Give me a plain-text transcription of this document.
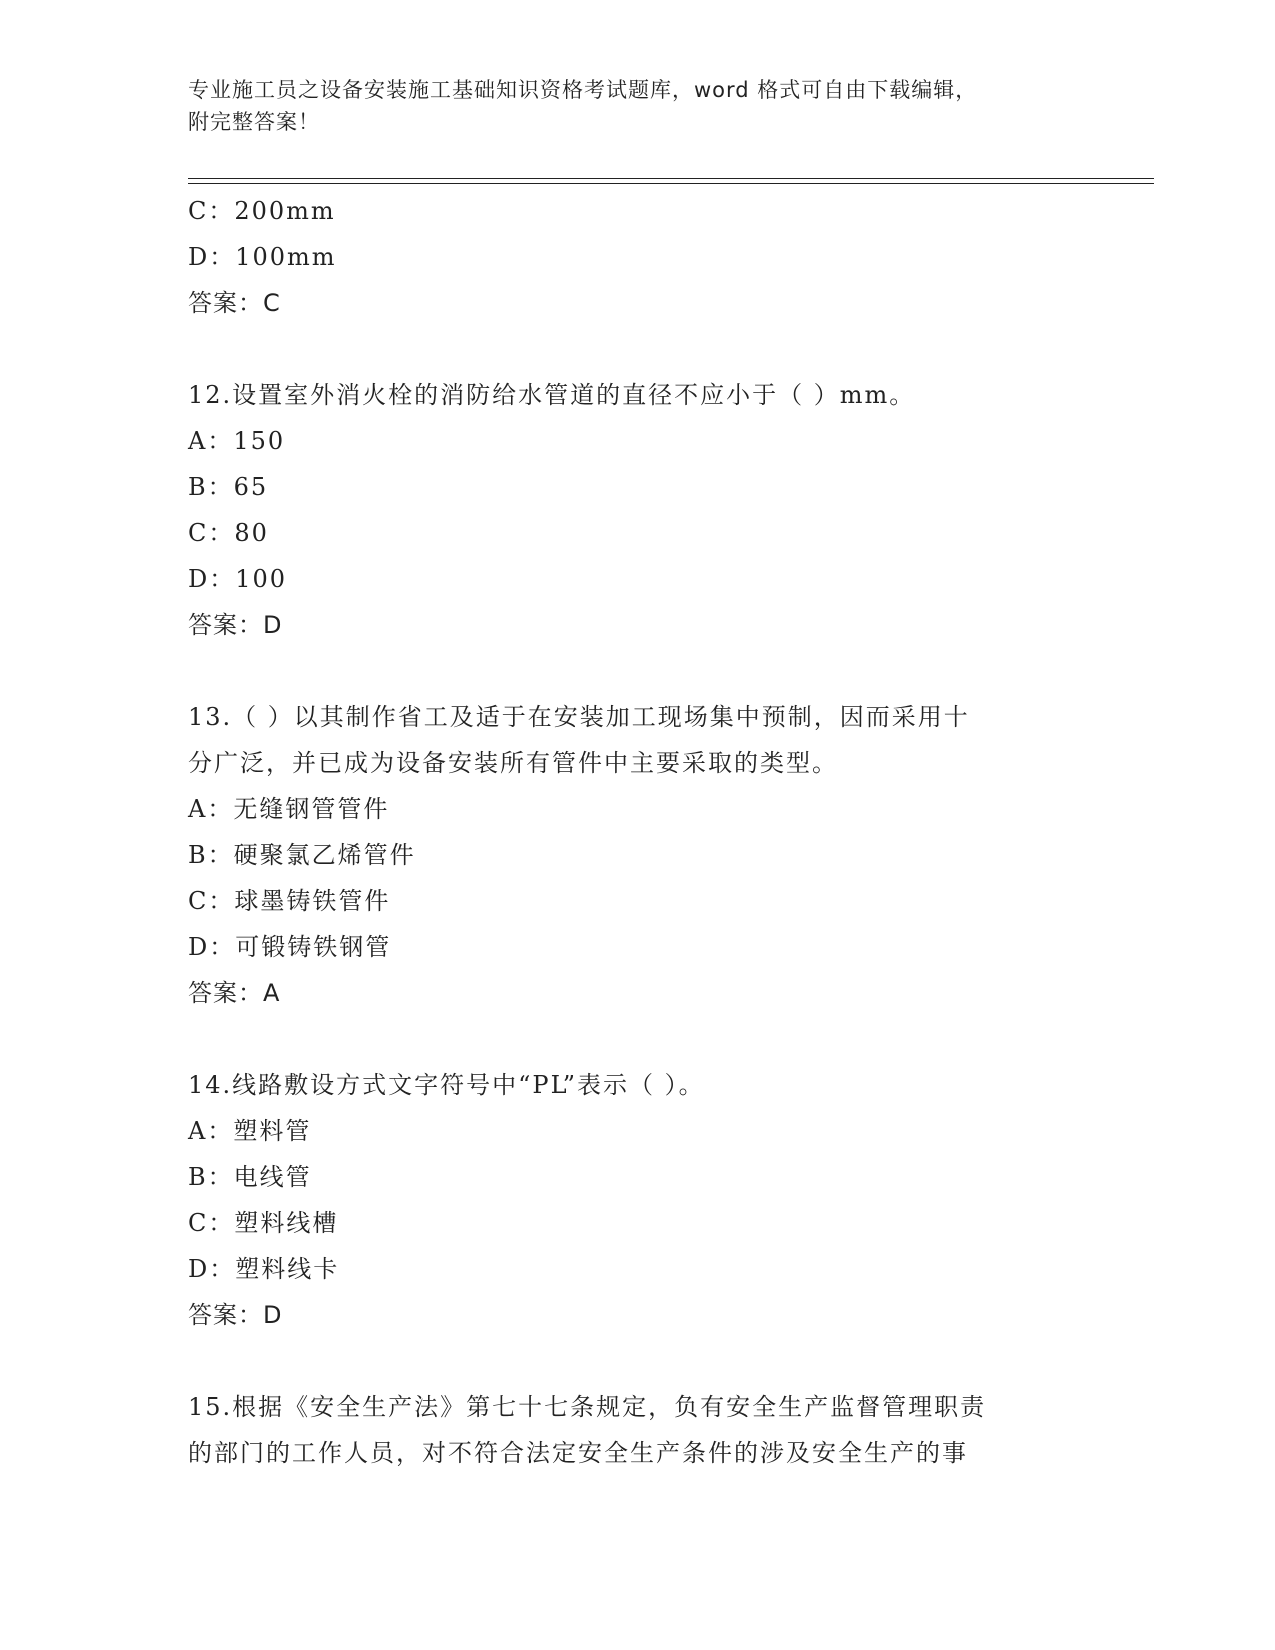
专业施工员之设备安装施工基础知识资格考试题库，word 格式可自由下载编辑，
附完整答案！
C：200mm
D：100mm
答案：C
12.设置室外消火栓的消防给水管道的直径不应小于（ ）mm。
A：150
B：65
C：80
D：100
答案：D
13.（ ）以其制作省工及适于在安装加工现场集中预制，因而采用十
分广泛，并已成为设备安装所有管件中主要采取的类型。
A：无缝钢管管件
B：硬聚氯乙烯管件
C：球墨铸铁管件
D：可锻铸铁钢管
答案：A
14.线路敷设方式文字符号中“PL”表示（ ）。
A：塑料管
B：电线管
C：塑料线槽
D：塑料线卡
答案：D
15.根据《安全生产法》第七十七条规定，负有安全生产监督管理职责
的部门的工作人员，对不符合法定安全生产条件的涉及安全生产的事
